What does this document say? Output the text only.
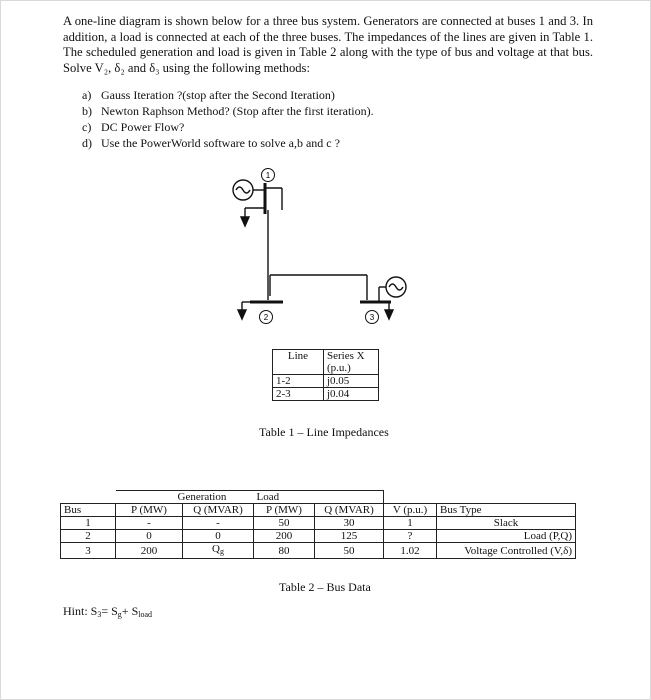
A one-line diagram is shown below for a three bus system. Generators are connected at buses 1 and 3. In addition, a load is connected at each of the three buses. The impedances of the lines are given in Table 1. The scheduled generation and load is given in Table 2 along with the type of bus and voltage at that bus. Solve V₂, δ₂ and δ₃ using the following methods:

a) Gauss Iteration ?(stop after the Second Iteration)
b) Newton Raphson Method? (Stop after the first iteration).
c) DC Power Flow?
d) Use the PowerWorld software to solve a,b and c ?
1
2	3
Line	Series X (p.u.)
1-2	j0.05
2-3	j0.04
Table 1 – Line Impedances
	Generation		Load			
Bus	P (MW)	Q (MVAR)	P (MW)	Q (MVAR)	V (p.u.)	Bus Type
1	-	-	50	30	1	Slack
2	0	0	200	125	?	Load (P,Q)
3	200	$Q_g$	80	50	1.02	Voltage Controlled (V,δ)
Table 2 – Bus Data
Hint: $S_3= S_g+ S_{load}$
